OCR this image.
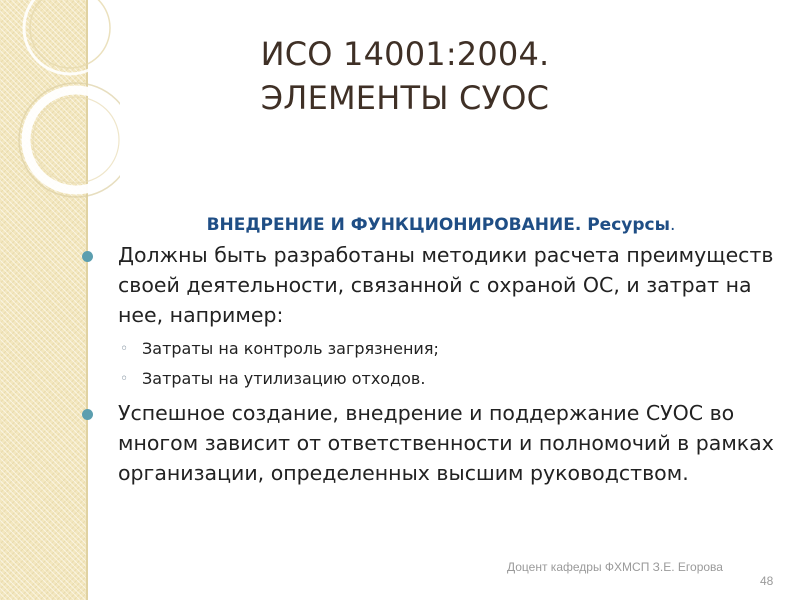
ИСО 14001:2004.
ЭЛЕМЕНТЫ СУОС
ВНЕДРЕНИЕ И ФУНКЦИОНИРОВАНИЕ. Ресурсы.
Должны быть разработаны методики расчета преимуществ своей деятельности, связанной с охраной ОС, и затрат на нее, например:
◦ Затраты на контроль загрязнения;
◦ Затраты на утилизацию отходов.
Успешное создание, внедрение и поддержание СУОС во многом зависит от ответственности и полномочий в рамках организации, определенных высшим руководством.
Доцент кафедры ФХМСП З.Е. Егорова
48
